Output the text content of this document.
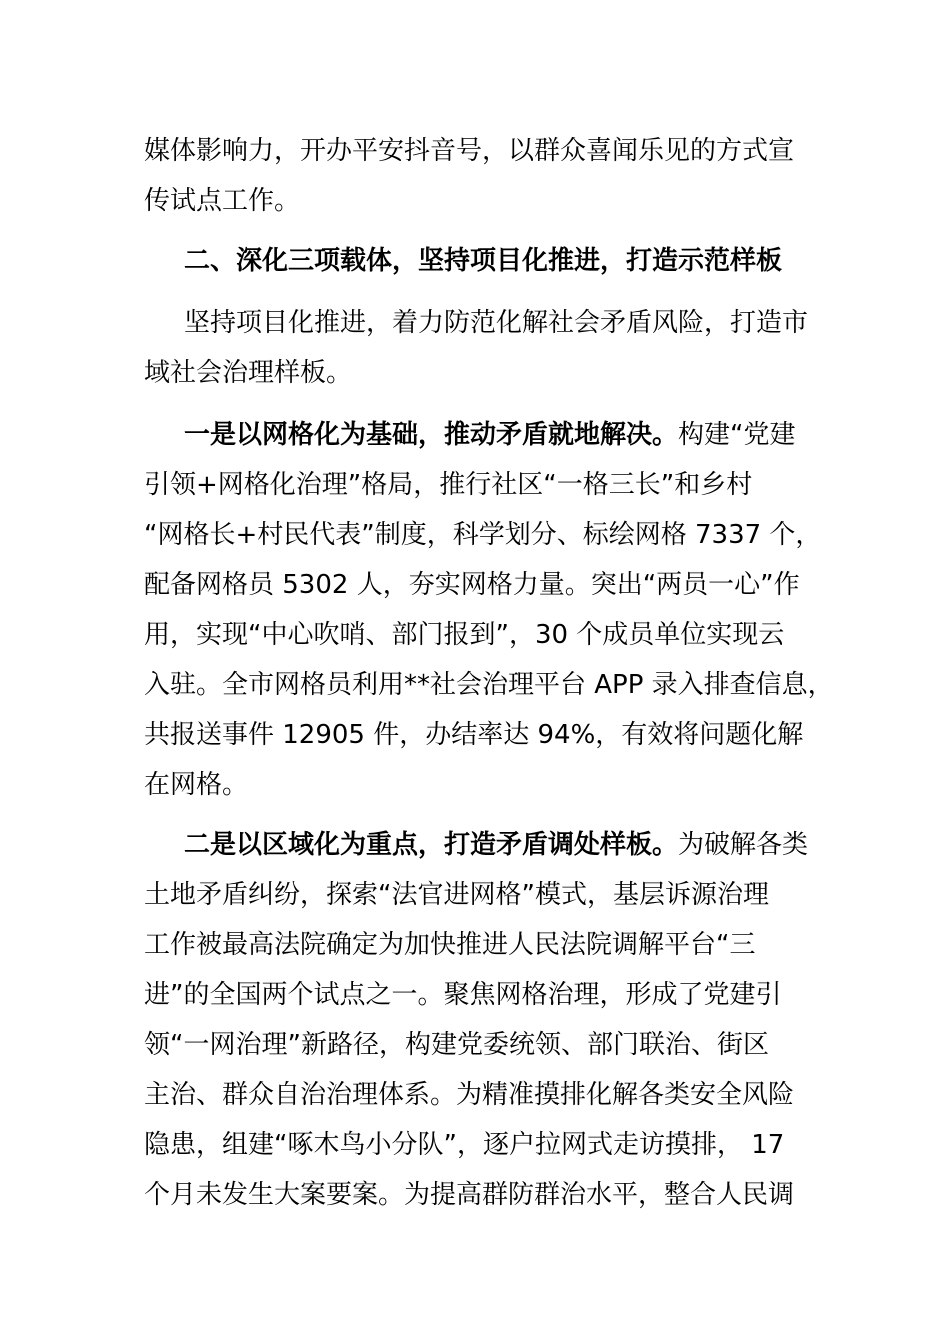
媒体影响力，开办平安抖音号，以群众喜闻乐见的方式宣
传试点工作。
二、深化三项载体，坚持项目化推进，打造示范样板
坚持项目化推进，着力防范化解社会矛盾风险，打造市
域社会治理样板。
一是以网格化为基础，推动矛盾就地解决。构建“党建
引领+网格化治理”格局，推行社区“一格三长”和乡村
“网格长+村民代表”制度，科学划分、标绘网格 7337 个，
配备网格员 5302 人，夯实网格力量。突出“两员一心”作
用，实现“中心吹哨、部门报到”，30 个成员单位实现云
入驻。全市网格员利用**社会治理平台 APP 录入排查信息，
共报送事件 12905 件，办结率达 94%，有效将问题化解
在网格。
二是以区域化为重点，打造矛盾调处样板。为破解各类
土地矛盾纠纷，探索“法官进网格”模式，基层诉源治理
工作被最高法院确定为加快推进人民法院调解平台“三
进”的全国两个试点之一。聚焦网格治理，形成了党建引
领“一网治理”新路径，构建党委统领、部门联治、街区
主治、群众自治治理体系。为精准摸排化解各类安全风险
隐患，组建“啄木鸟小分队”，逐户拉网式走访摸排， 17
个月未发生大案要案。为提高群防群治水平，整合人民调
